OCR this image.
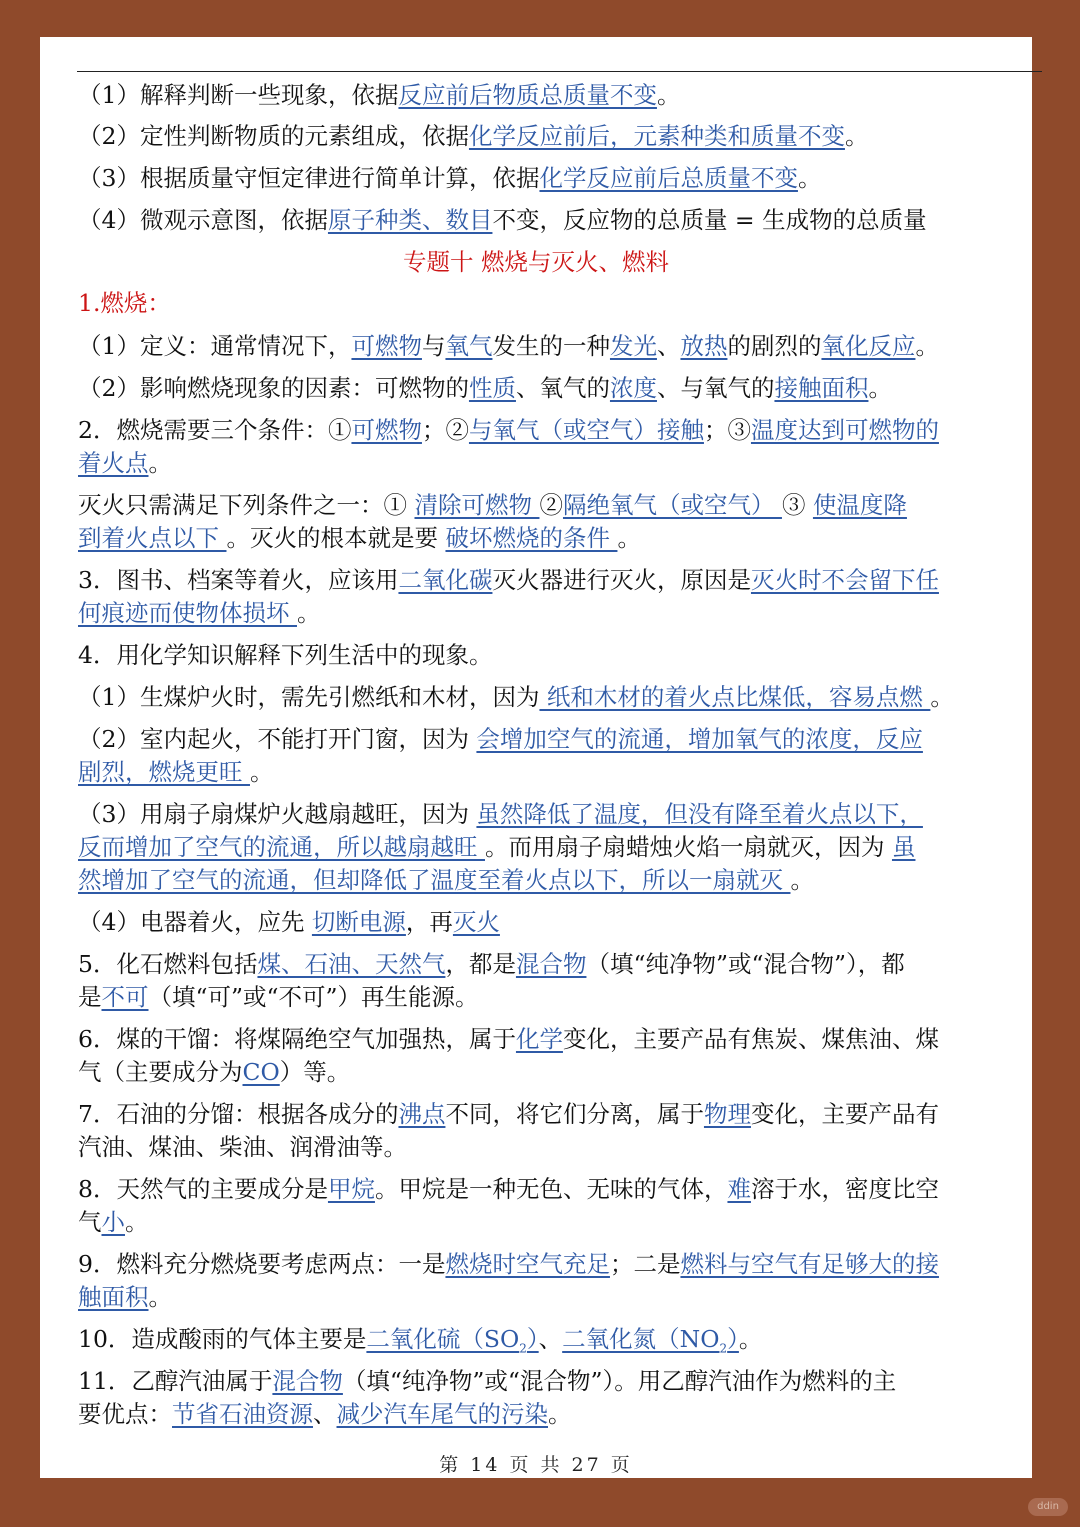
（1）解释判断一些现象，依据反应前后物质总质量不变。
（2）定性判断物质的元素组成，依据化学反应前后，元素种类和质量不变。
（3）根据质量守恒定律进行简单计算，依据化学反应前后总质量不变。
（4）微观示意图，依据原子种类、数目不变，反应物的总质量 = 生成物的总质量
专题十 燃烧与灭火、燃料
1.燃烧：
（1）定义：通常情况下，可燃物与氧气发生的一种发光、放热的剧烈的氧化反应。
（2）影响燃烧现象的因素：可燃物的性质、氧气的浓度、与氧气的接触面积。
2．燃烧需要三个条件：①可燃物；②与氧气（或空气）接触；③温度达到可燃物的
着火点。
灭火只需满足下列条件之一：① 清除可燃物 ②隔绝氧气（或空气） ③ 使温度降
到着火点以下 。灭火的根本就是要 破坏燃烧的条件 。
3．图书、档案等着火，应该用二氧化碳灭火器进行灭火，原因是灭火时不会留下任
何痕迹而使物体损坏 。
4．用化学知识解释下列生活中的现象。
（1）生煤炉火时，需先引燃纸和木材，因为 纸和木材的着火点比煤低，容易点燃 。
（2）室内起火，不能打开门窗，因为 会增加空气的流通，增加氧气的浓度，反应
剧烈，燃烧更旺 。
（3）用扇子扇煤炉火越扇越旺，因为 虽然降低了温度，但没有降至着火点以下，
反而增加了空气的流通，所以越扇越旺 。而用扇子扇蜡烛火焰一扇就灭，因为 虽
然增加了空气的流通，但却降低了温度至着火点以下，所以一扇就灭 。
（4）电器着火，应先 切断电源，再灭火
5．化石燃料包括煤、石油、天然气，都是混合物（填“纯净物”或“混合物”），都
是不可（填“可”或“不可”）再生能源。
6．煤的干馏：将煤隔绝空气加强热，属于化学变化，主要产品有焦炭、煤焦油、煤
气（主要成分为CO）等。
7．石油的分馏：根据各成分的沸点不同，将它们分离，属于物理变化，主要产品有
汽油、煤油、柴油、润滑油等。
8．天然气的主要成分是甲烷。甲烷是一种无色、无味的气体，难溶于水，密度比空
气小。
9．燃料充分燃烧要考虑两点：一是燃烧时空气充足；二是燃料与空气有足够大的接
触面积。
10．造成酸雨的气体主要是二氧化硫$(SO_2)$、二氧化氮$(NO_2)$。
11．乙醇汽油属于混合物（填“纯净物”或“混合物”）。用乙醇汽油作为燃料的主
要优点：节省石油资源、减少汽车尾气的污染。
第 14 页 共 27 页
ddin
